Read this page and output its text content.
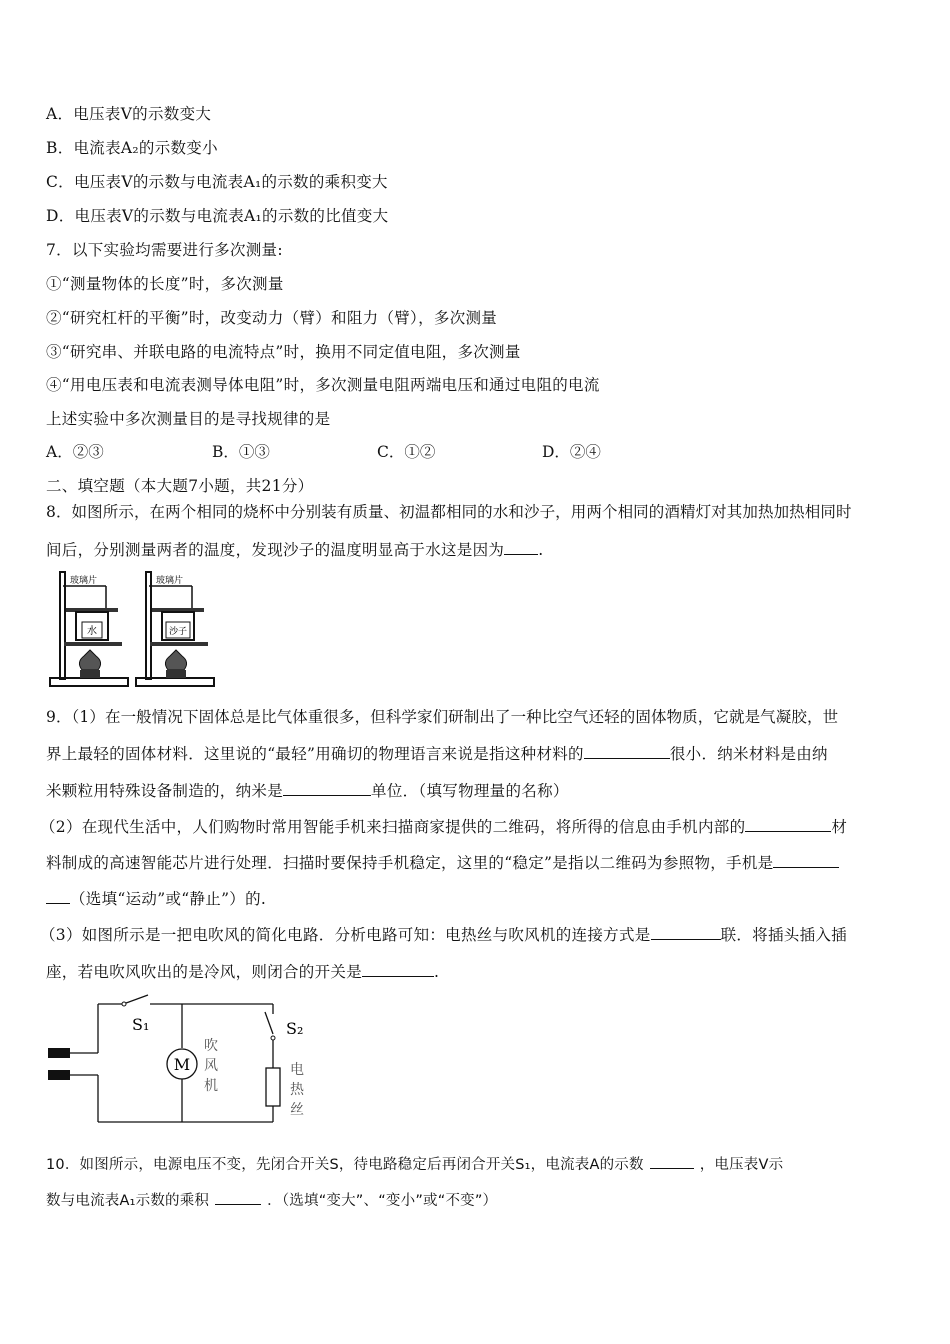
A．电压表V的示数变大
B．电流表A₂的示数变小
C．电压表V的示数与电流表A₁的示数的乘积变大
D．电压表V的示数与电流表A₁的示数的比值变大
7．以下实验均需要进行多次测量:
①“测量物体的长度”时，多次测量
②“研究杠杆的平衡”时，改变动力（臂）和阻力（臂），多次测量
③“研究串、并联电路的电流特点”时，换用不同定值电阻，多次测量
④“用电压表和电流表测导体电阻”时，多次测量电阻两端电压和通过电阻的电流
上述实验中多次测量目的是寻找规律的是
A．②③	B．①③	C．①②	D．②④
二、填空题（本大题7小题，共21分）
8．如图所示，在两个相同的烧杯中分别装有质量、初温都相同的水和沙子，用两个相同的酒精灯对其加热加热相同时
间后，分别测量两者的温度，发现沙子的温度明显高于水这是因为 .
水
玻璃片
沙子
玻璃片
9．（1）在一般情况下固体总是比气体重很多，但科学家们研制出了一种比空气还轻的固体物质，它就是气凝胶，世
界上最轻的固体材料．这里说的“最轻”用确切的物理语言来说是指这种材料的	很小．纳米材料是由纳
米颗粒用特殊设备制造的，纳米是	单位．（填写物理量的名称）
（2）在现代生活中，人们购物时常用智能手机来扫描商家提供的二维码，将所得的信息由手机内部的	材
料制成的高速智能芯片进行处理．扫描时要保持手机稳定，这里的“稳定”是指以二维码为参照物，手机是
（选填“运动”或“静止”）的.
（3）如图所示是一把电吹风的简化电路．分析电路可知：电热丝与吹风机的连接方式是	联．将插头插入插
座，若电吹风吹出的是冷风，则闭合的开关是	.
S₁
M
吹
风
机
S₂
电
热
丝
10．如图所示，电源电压不变，先闭合开关S，待电路稳定后再闭合开关S₁，电流表A的示数	，电压表V示
数与电流表A₁示数的乘积	．（选填“变大”、“变小”或“不变”）
